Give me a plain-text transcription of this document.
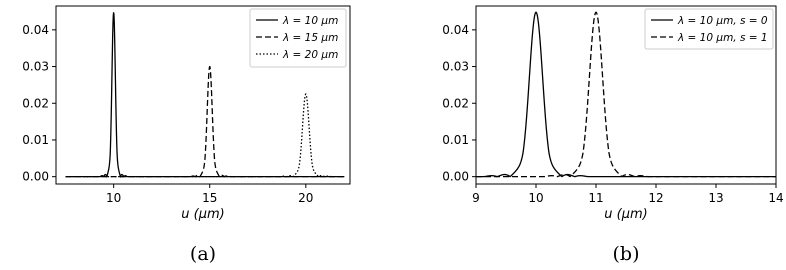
0.00
0.01
0.02
0.03
0.04
10	15	20
u (μm)
λ = 10 μm
λ = 15 μm
λ = 20 μm
(a)
0.00
0.01
0.02
0.03
0.04
9	10	11	12	13	14
u (μm)
λ = 10 μm, s = 0
λ = 10 μm, s = 1
(b)
